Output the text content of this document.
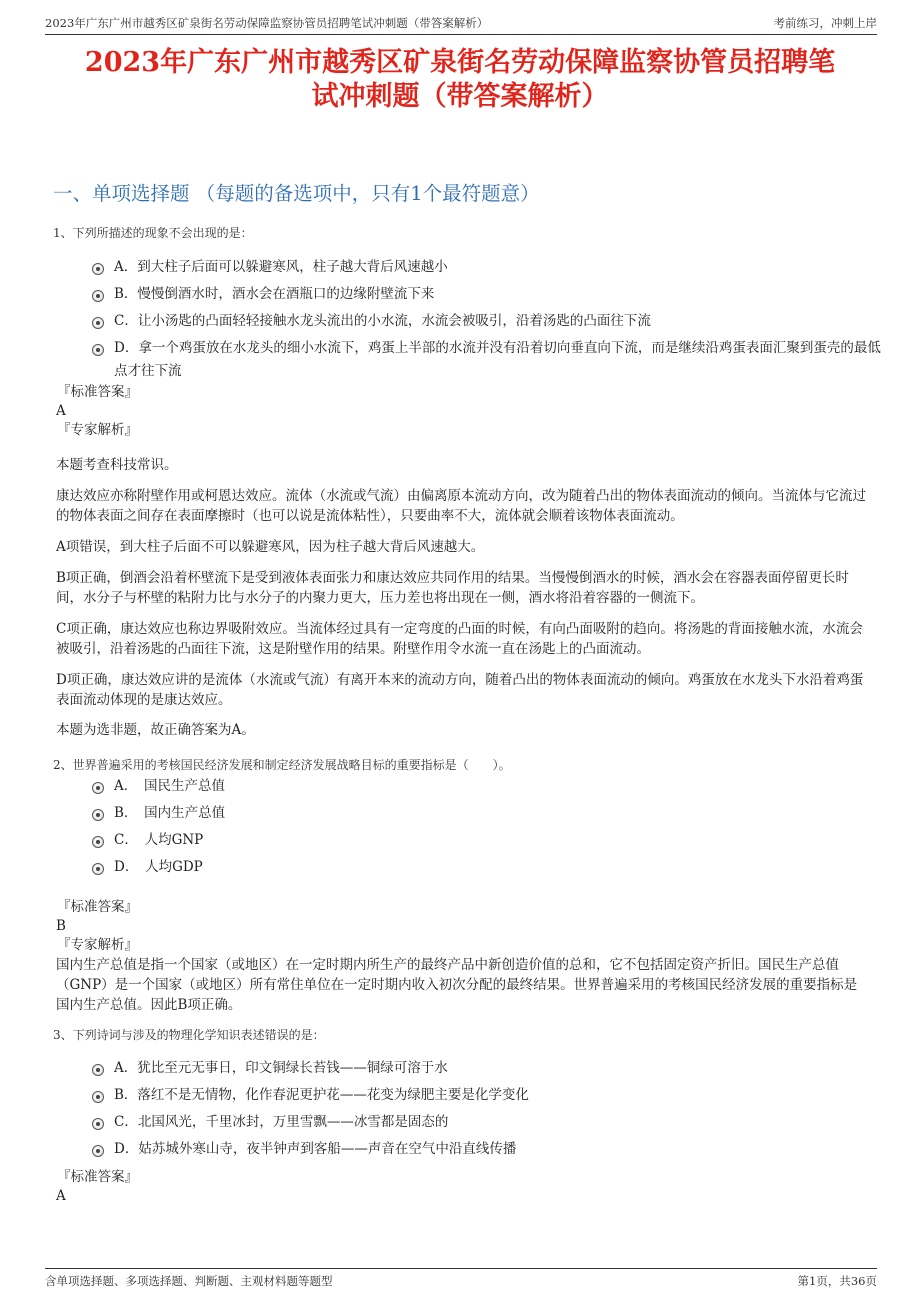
2023年广东广州市越秀区矿泉街名劳动保障监察协管员招聘笔试冲刺题（带答案解析）	考前练习，冲刺上岸
2023年广东广州市越秀区矿泉街名劳动保障监察协管员招聘笔
试冲刺题（带答案解析）
一、单项选择题 （每题的备选项中，只有1个最符题意）
1、下列所描述的现象不会出现的是：
A．到大柱子后面可以躲避寒风，柱子越大背后风速越小
B．慢慢倒酒水时，酒水会在酒瓶口的边缘附壁流下来
C．让小汤匙的凸面轻轻接触水龙头流出的小水流，水流会被吸引，沿着汤匙的凸面往下流
D．拿一个鸡蛋放在水龙头的细小水流下，鸡蛋上半部的水流并没有沿着切向垂直向下流，而是继续沿鸡蛋表面汇聚到蛋壳的最低点才往下流
『标准答案』
A
『专家解析』
本题考查科技常识。
康达效应亦称附壁作用或柯恩达效应。流体（水流或气流）由偏离原本流动方向，改为随着凸出的物体表面流动的倾向。当流体与它流过的物体表面之间存在表面摩擦时（也可以说是流体粘性），只要曲率不大，流体就会顺着该物体表面流动。
A项错误，到大柱子后面不可以躲避寒风，因为柱子越大背后风速越大。
B项正确，倒酒会沿着杯壁流下是受到液体表面张力和康达效应共同作用的结果。当慢慢倒酒水的时候，酒水会在容器表面停留更长时间，水分子与杯壁的粘附力比与水分子的内聚力更大，压力差也将出现在一侧，酒水将沿着容器的一侧流下。
C项正确，康达效应也称边界吸附效应。当流体经过具有一定弯度的凸面的时候，有向凸面吸附的趋向。将汤匙的背面接触水流，水流会被吸引，沿着汤匙的凸面往下流，这是附壁作用的结果。附壁作用令水流一直在汤匙上的凸面流动。
D项正确，康达效应讲的是流体（水流或气流）有离开本来的流动方向，随着凸出的物体表面流动的倾向。鸡蛋放在水龙头下水沿着鸡蛋表面流动体现的是康达效应。
本题为选非题，故正确答案为A。
2、世界普遍采用的考核国民经济发展和制定经济发展战略目标的重要指标是（　　）。
A．　国民生产总值
B．　国内生产总值
C．　人均GNP
D．　人均GDP
『标准答案』
B
『专家解析』
国内生产总值是指一个国家（或地区）在一定时期内所生产的最终产品中新创造价值的总和，它不包括固定资产折旧。国民生产总值（GNP）是一个国家（或地区）所有常住单位在一定时期内收入初次分配的最终结果。世界普遍采用的考核国民经济发展的重要指标是国内生产总值。因此B项正确。
3、下列诗词与涉及的物理化学知识表述错误的是：
A．犹比至元无事日，印文铜绿长苔钱——铜绿可溶于水
B．落红不是无情物，化作春泥更护花——花变为绿肥主要是化学变化
C．北国风光，千里冰封，万里雪飘——冰雪都是固态的
D．姑苏城外寒山寺，夜半钟声到客船——声音在空气中沿直线传播
『标准答案』
A
含单项选择题、多项选择题、判断题、主观材料题等题型	第1页，共36页
